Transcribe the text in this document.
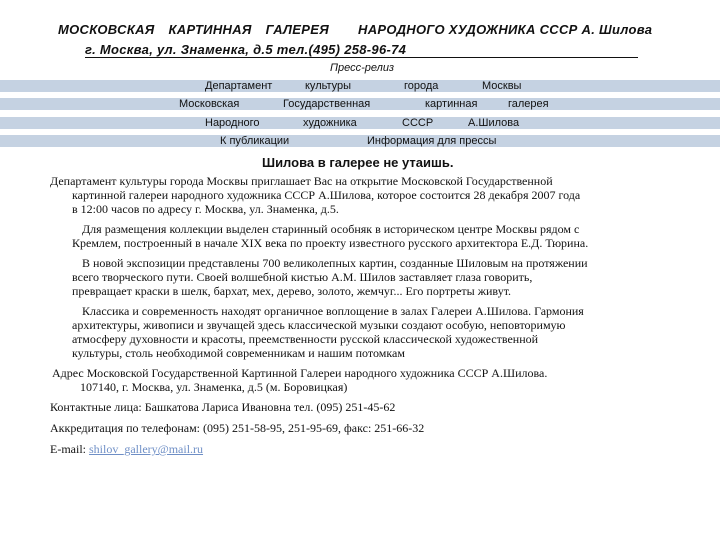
МОСКОВСКАЯ КАРТИННАЯ ГАЛЕРЕЯ НАРОДНОГО ХУДОЖНИКА СССР А. Шилова
г. Москва, ул. Знаменка, д.5 тел.(495) 258-96-74
Пресс-релиз
Департамент	культуры	города	Москвы
Московская	Государственная	картинная	галерея
Народного	художника	СССР	А.Шилова
К публикации	Информация для прессы
Шилова в галерее не утаишь.
Департамент культуры города Москвы приглашает Вас на открытие Московской Государственной
картинной галереи народного художника СССР А.Шилова, которое состоится 28 декабря 2007 года
в 12:00 часов по адресу г. Москва, ул. Знаменка, д.5.
Для размещения коллекции выделен старинный особняк в историческом центре Москвы рядом с
Кремлем, построенный в начале XIX века по проекту известного русского архитектора Е.Д. Тюрина.
В новой экспозиции представлены 700 великолепных картин, созданные Шиловым на протяжении
всего творческого пути. Своей волшебной кистью А.М. Шилов заставляет глаза говорить,
превращает краски в шелк, бархат, мех, дерево, золото, жемчуг... Его портреты живут.
Классика и современность находят органичное воплощение в залах Галереи А.Шилова. Гармония
архитектуры, живописи и звучащей здесь классической музыки создают особую, неповторимую
атмосферу духовности и красоты, преемственности русской классической художественной
культуры, столь необходимой современникам и нашим потомкам
Адрес Московской Государственной Картинной Галереи народного художника СССР А.Шилова.
107140, г. Москва, ул. Знаменка, д.5 (м. Боровицкая)
Контактные лица: Башкатова Лариса Ивановна тел. (095) 251-45-62
Аккредитация по телефонам: (095) 251-58-95, 251-95-69, факс: 251-66-32
E-mail: shilov_gallery@mail.ru
